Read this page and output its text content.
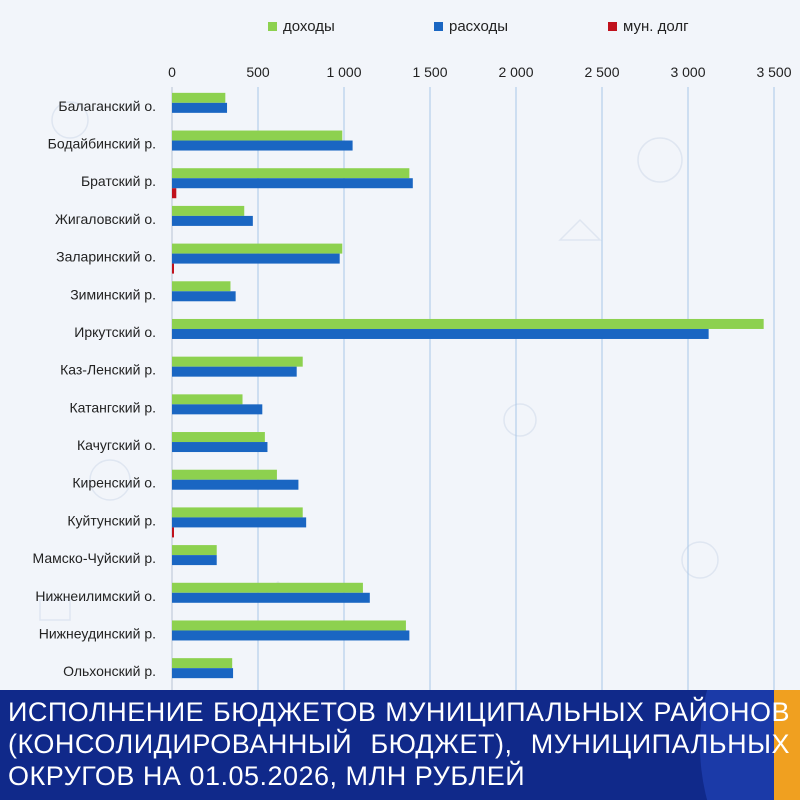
доходы	расходы	мун. долг
0	500	1 000	1 500	2 000	2 500	3 000	3 500
Балаганский о.
Бодайбинский р.
Братский р.
Жигаловский о.
Заларинский о.
Зиминский р.
Иркутский о.
Каз-Ленский р.
Катангский р.
Качугский о.
Киренский о.
Куйтунский р.
Мамско-Чуйский р.
Нижнеилимский о.
Нижнеудинский р.
Ольхонский р.
ИСПОЛНЕНИЕ БЮДЖЕТОВ МУНИЦИПАЛЬНЫХ РАЙОНОВ (КОНСОЛИДИРОВАННЫЙ БЮДЖЕТ), МУНИЦИПАЛЬНЫХ ОКРУГОВ НА 01.05.2026, МЛН РУБЛЕЙ
